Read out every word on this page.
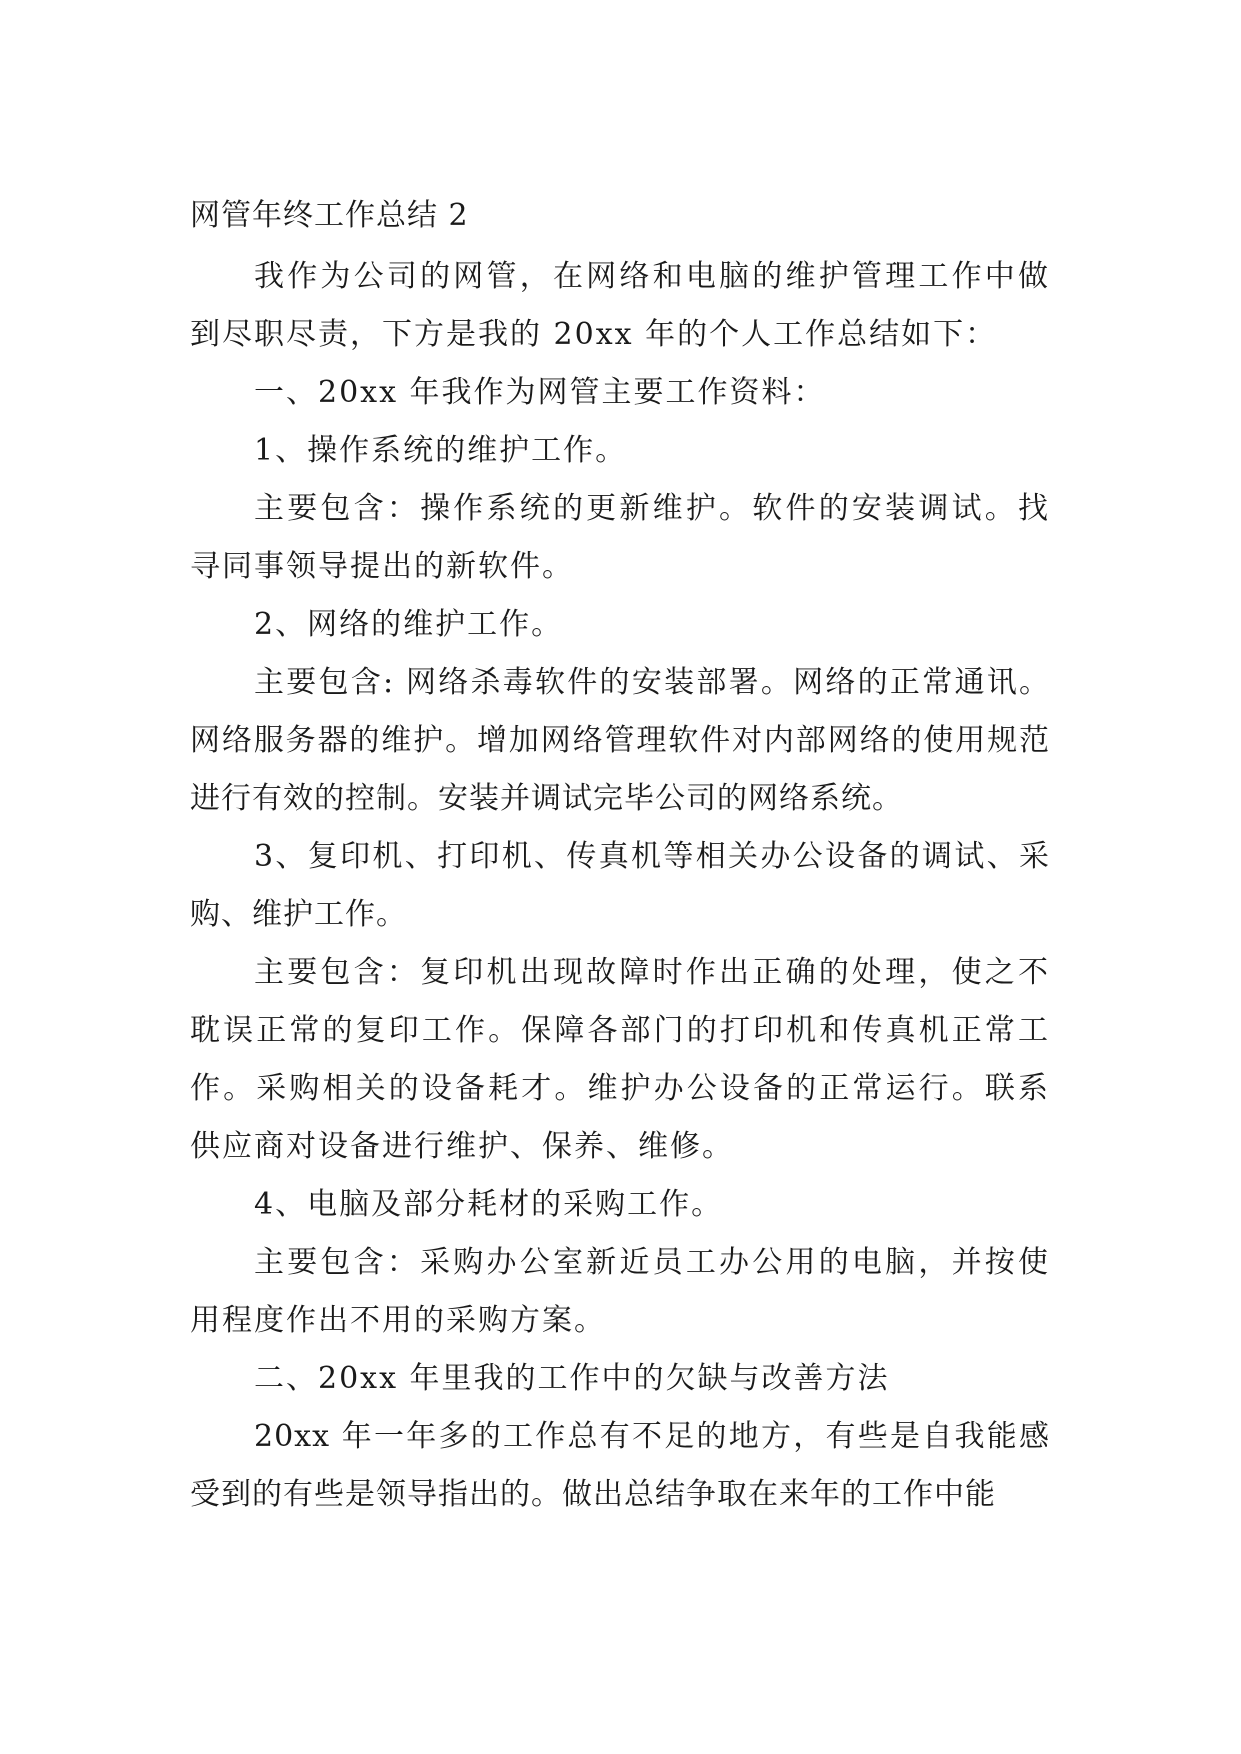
网管年终工作总结 2

我作为公司的网管，在网络和电脑的维护管理工作中做到尽职尽责，下方是我的 20xx 年的个人工作总结如下：

一、20xx 年我作为网管主要工作资料：

1、操作系统的维护工作。

主要包含：操作系统的更新维护。软件的安装调试。找寻同事领导提出的新软件。

2、网络的维护工作。

主要包含: 网络杀毒软件的安装部署。网络的正常通讯。网络服务器的维护。增加网络管理软件对内部网络的使用规范进行有效的控制。安装并调试完毕公司的网络系统。

3、复印机、打印机、传真机等相关办公设备的调试、采购、维护工作。

主要包含：复印机出现故障时作出正确的处理，使之不耽误正常的复印工作。保障各部门的打印机和传真机正常工作。采购相关的设备耗才。维护办公设备的正常运行。联系供应商对设备进行维护、保养、维修。

4、电脑及部分耗材的采购工作。

主要包含：采购办公室新近员工办公用的电脑，并按使用程度作出不用的采购方案。

二、20xx 年里我的工作中的欠缺与改善方法

20xx 年一年多的工作总有不足的地方，有些是自我能感受到的有些是领导指出的。做出总结争取在来年的工作中能
